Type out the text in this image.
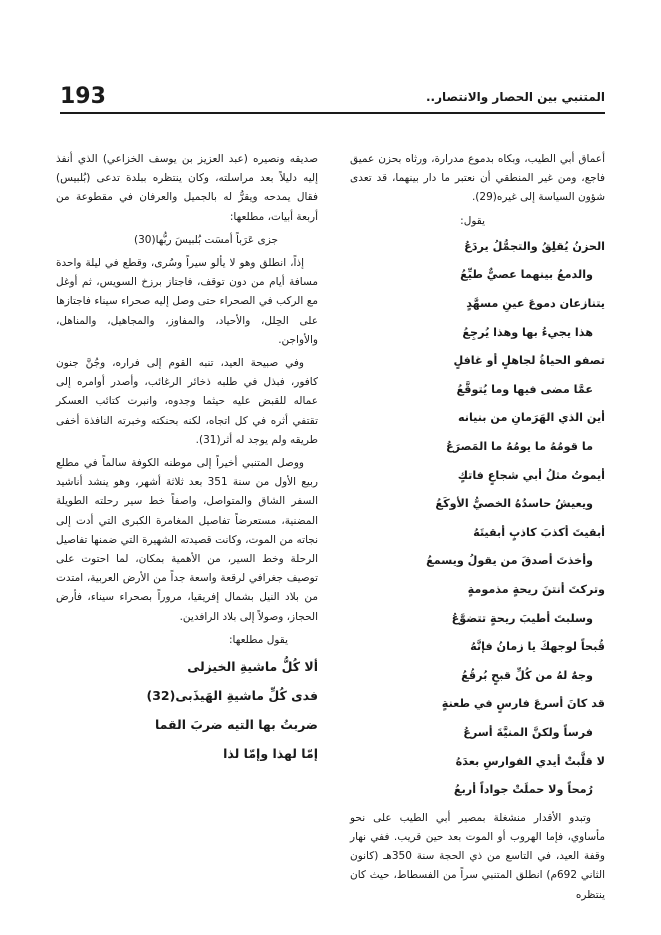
193	المتنبي بين الحصار والانتصار..

أعماق أبي الطيب، وبكاه بدموع مدرارة، ورثاه بحزن عميق فاجع، ومن غير المنطقي أن نعتبر ما دار بينهما، قد تعدى شؤون السياسة إلى غيره(29).

يقول:

الحزنُ يُقلِقُ والتجمُّلُ يردَعُ

والدمعُ بينهما عصيٌّ طيِّعُ

يتنازعان دموعَ عينِ مسهَّدٍ

هذا يجيءُ بها وهذا يُرجِعُ

تصفو الحياةُ لجاهلٍ أو غافلٍ

عمَّا مضى فيها وما يُتوقَّعُ

أين الذي الهَرَمانِ من بنيانه

ما قومُهُ ما يومُهُ ما المَصرَعُ

أيموتُ مثلُ أبي شجاعٍ فاتكٍ

ويعيشُ حاسدُهُ الخصيُّ الأوكَعُ

أبقيتَ أكذبَ كاذبٍ أبقيتَهُ

وأخذتَ أصدقَ من يقولُ ويسمعُ

وتركتَ أنتنَ ريحةٍ مذمومةٍ

وسلبتَ أطيبَ ريحةٍ تتضوَّعُ

قُبحاً لوجهكَ يا زمانُ فإنَّهُ

وجهٌ لهُ من كُلِّ قبحٍ بُرقُعُ

قد كانَ أسرعَ فارسٍ في طعنةٍ

فرساً ولكنَّ المنيَّةَ أسرعُ

لا قلَّبتْ أيدي الفوارسِ بعدَهُ

رُمحاً ولا حملَتْ جواداً أربعُ

وتبدو الأقدار منشغلة بمصير أبي الطيب على نحو مأساوي، فإما الهروب أو الموت بعد حين قريب. ففي نهار وقفة العيد، في التاسع من ذي الحجة سنة 350هـ (كانون الثاني 692م) انطلق المتنبي سراً من الفسطاط، حيث كان ينتظره

صديقه ونصيره (عبد العزيز بن يوسف الخزاعي) الذي أنفذ إليه دليلاً بعد مراسلته، وكان ينتظره ببلدة تدعى (بُلبيس) فقال يمدحه ويقرُّ له بالجميل والعرفان في مقطوعة من أربعة أبيات، مطلعها:

جزى عَرَباً أمسَت بُلبيسَ ربُّها(30)

إذاً، انطلق وهو لا يألو سيراً وسُرى، وقطع في ليلة واحدة مسافة أيام من دون توقف، فاجتاز برزخ السويس، ثم أوغل مع الركب في الصحراء حتى وصل إليه صحراء سيناء فاجتازها على الحِلل، والأحياد، والمفاوز، والمجاهيل، والمناهل، والأواجن.

وفي صبيحة العيد، تنبه القوم إلى فراره، وجُنَّ جنون كافور، فبذل في طلبه ذخائر الرغائب، وأصدر أوامره إلى عماله للقبض عليه حيثما وجدوه، وانبرت كتائب العسكر تقتفي أثره في كل اتجاه، لكنه بحنكته وخبرته النافذة أخفى طريقه ولم يوجد له أثر(31).

ووصل المتنبي أخيراً إلى موطنه الكوفة سالماً في مطلع ربيع الأول من سنة 351 بعد ثلاثة أشهر، وهو ينشد أناشيد السفر الشاق والمتواصل، واصفاً خط سير رحلته الطويلة المضنية، مستعرضاً تفاصيل المغامرة الكبرى التي أدت إلى نجاته من الموت، وكانت قصيدته الشهيرة التي ضمنها تفاصيل الرحلة وخط السير، من الأهمية بمكان، لما احتوت على توصيف جغرافي لرقعة واسعة جداً من الأرض العربية، امتدت من بلاد النيل بشمال إفريقيا، مروراً بصحراء سيناء، فأرض الحجاز، وصولاً إلى بلاد الرافدين.

يقول مطلعها:

ألا كُلُّ ماشيةِ الخيزلى

فدى كُلِّ ماشيةِ الهَيذَبى(32)

ضربتُ بها التيه ضربَ القما

إمّا لهذا وإمّا لذا
